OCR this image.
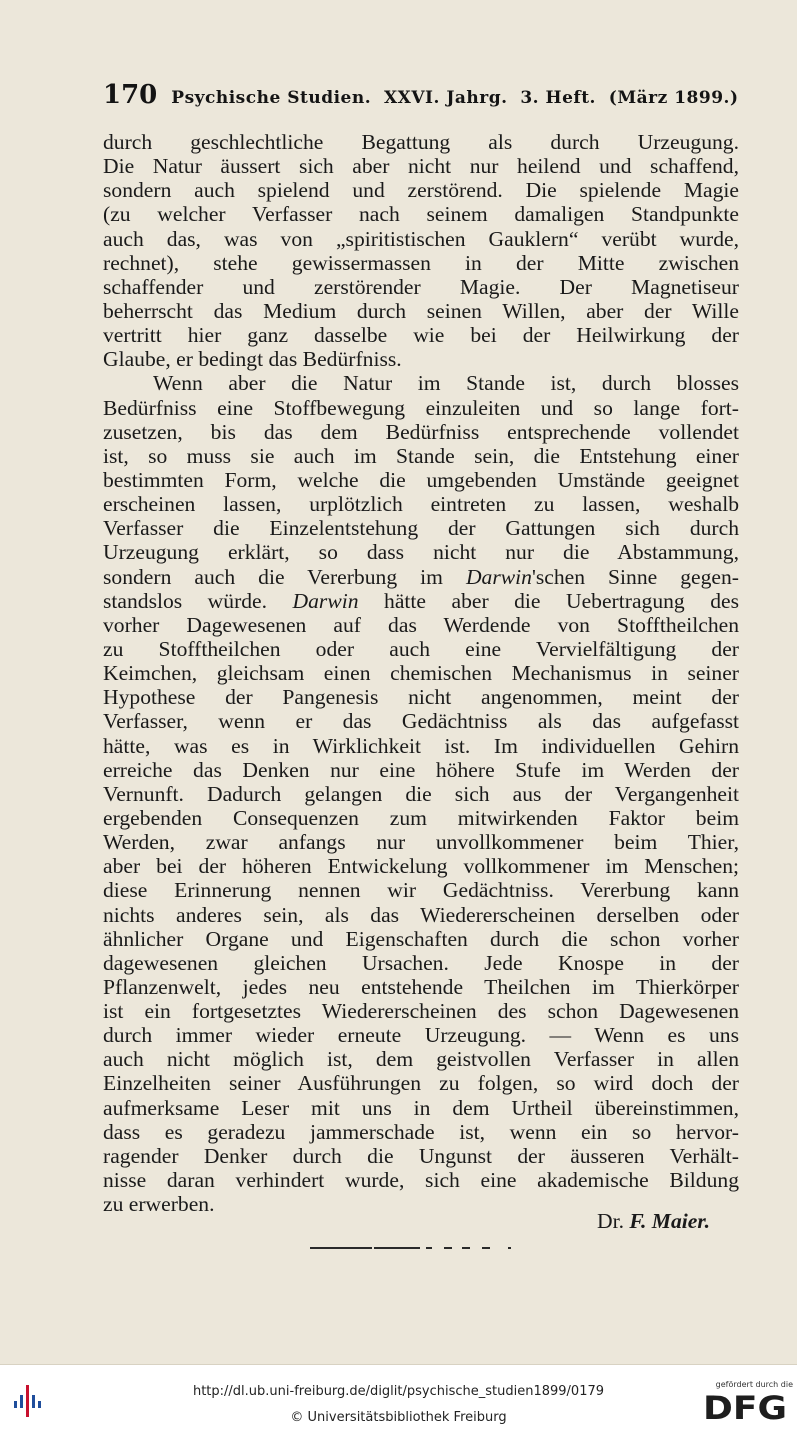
170 Psychische Studien.  XXVI. Jahrg.  3. Heft.  (März 1899.)
durch geschlechtliche Begattung als durch Urzeugung.
Die Natur äussert sich aber nicht nur heilend und schaffend,
sondern auch spielend und zerstörend. Die spielende Magie
(zu welcher Verfasser nach seinem damaligen Standpunkte
auch das, was von „spiritistischen Gauklern“ verübt wurde,
rechnet), stehe gewissermassen in der Mitte zwischen
schaffender und zerstörender Magie. Der Magnetiseur
beherrscht das Medium durch seinen Willen, aber der Wille
vertritt hier ganz dasselbe wie bei der Heilwirkung der
Glaube, er bedingt das Bedürfniss.
Wenn aber die Natur im Stande ist, durch blosses
Bedürfniss eine Stoffbewegung einzuleiten und so lange fort-
zusetzen, bis das dem Bedürfniss entsprechende vollendet
ist, so muss sie auch im Stande sein, die Entstehung einer
bestimmten Form, welche die umgebenden Umstände geeignet
erscheinen lassen, urplötzlich eintreten zu lassen, weshalb
Verfasser die Einzelentstehung der Gattungen sich durch
Urzeugung erklärt, so dass nicht nur die Abstammung,
sondern auch die Vererbung im Darwin'schen Sinne gegen-
standslos würde. Darwin hätte aber die Uebertragung des
vorher Dagewesenen auf das Werdende von Stofftheilchen
zu Stofftheilchen oder auch eine Vervielfältigung der
Keimchen, gleichsam einen chemischen Mechanismus in seiner
Hypothese der Pangenesis nicht angenommen, meint der
Verfasser, wenn er das Gedächtniss als das aufgefasst
hätte, was es in Wirklichkeit ist. Im individuellen Gehirn
erreiche das Denken nur eine höhere Stufe im Werden der
Vernunft. Dadurch gelangen die sich aus der Vergangenheit
ergebenden Consequenzen zum mitwirkenden Faktor beim
Werden, zwar anfangs nur unvollkommener beim Thier,
aber bei der höheren Entwickelung vollkommener im Menschen;
diese Erinnerung nennen wir Gedächtniss. Vererbung kann
nichts anderes sein, als das Wiedererscheinen derselben oder
ähnlicher Organe und Eigenschaften durch die schon vorher
dagewesenen gleichen Ursachen. Jede Knospe in der
Pflanzenwelt, jedes neu entstehende Theilchen im Thierkörper
ist ein fortgesetztes Wiedererscheinen des schon Dagewesenen
durch immer wieder erneute Urzeugung. — Wenn es uns
auch nicht möglich ist, dem geistvollen Verfasser in allen
Einzelheiten seiner Ausführungen zu folgen, so wird doch der
aufmerksame Leser mit uns in dem Urtheil übereinstimmen,
dass es geradezu jammerschade ist, wenn ein so hervor-
ragender Denker durch die Ungunst der äusseren Verhält-
nisse daran verhindert wurde, sich eine akademische Bildung
zu erwerben.
Dr. F. Maier.
http://dl.ub.uni-freiburg.de/diglit/psychische_studien1899/0179
© Universitätsbibliothek Freiburg
gefördert durch die
DFG
